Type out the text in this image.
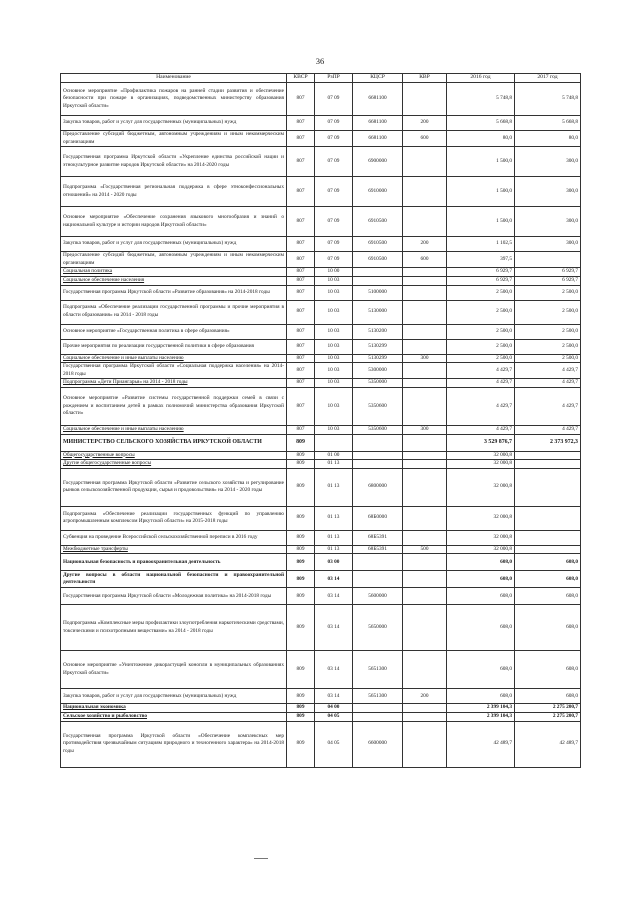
36
Наименование	КВСР	РзПР	КЦСР	КВР	2016 год	2017 год
Основное мероприятие «Профилактика пожаров на ранней стадии развития и обеспечение безопасности при пожаре в организациях, подведомственных министерству образования Иркутской области»	807	07 09	6681100		5 748,8	5 748,8
Закупка товаров, работ и услуг для государственных (муниципальных) нужд	807	07 09	6681100	200	5 668,8	5 668,8
Предоставление субсидий бюджетным, автономным учреждениям и иным некоммерческим организациям	807	07 09	6681100	600	80,0	80,0
Государственная программа Иркутской области «Укрепление единства российской нации и этнокультурное развитие народов Иркутской области» на 2014-2020 годы	807	07 09	6900000		1 500,0	300,0
Подпрограмма «Государственная региональная поддержка в сфере этноконфессиональных отношений» на 2014 - 2020 годы	807	07 09	6910000		1 500,0	300,0
Основное мероприятие «Обеспечение сохранения языкового многообразия и знаний о национальной культуре и истории народов Иркутской области»	807	07 09	6910500		1 500,0	300,0
Закупка товаров, работ и услуг для государственных (муниципальных) нужд	807	07 09	6910500	200	1 102,5	300,0
Предоставление субсидий бюджетным, автономным учреждениям и иным некоммерческим организациям	807	07 09	6910500	600	397,5	
Социальная политика	807	10 00			6 929,7	6 929,7
Социальное обеспечение населения	807	10 03			6 929,7	6 929,7
Государственная программа Иркутской области «Развитие образования» на 2014-2018 годы	807	10 03	5100000		2 500,0	2 500,0
Подпрограмма «Обеспечение реализации государственной программы и прочие мероприятия в области образования» на 2014 - 2018 годы	807	10 03	5130000		2 500,0	2 500,0
Основное мероприятие «Государственная политика в сфере образования»	807	10 03	5130200		2 500,0	2 500,0
Прочие мероприятия по реализации государственной политики в сфере образования	807	10 03	5130299		2 500,0	2 500,0
Социальное обеспечение и иные выплаты населению	807	10 03	5130299	300	2 500,0	2 500,0
Государственная программа Иркутской области «Социальная поддержка населения» на 2014-2018 годы	807	10 03	5300000		4 429,7	4 429,7
Подпрограмма «Дети Приангарья» на 2014 - 2018 годы	807	10 03	5350000		4 429,7	4 429,7
Основное мероприятие «Развитие системы государственной поддержки семей в связи с рождением и воспитанием детей в рамках полномочий министерства образования Иркутской области»	807	10 03	5350600		4 429,7	4 429,7
Социальное обеспечение и иные выплаты населению	807	10 03	5350600	300	4 429,7	4 429,7
МИНИСТЕРСТВО СЕЛЬСКОГО ХОЗЯЙСТВА ИРКУТСКОЙ ОБЛАСТИ	809				3 529 876,7	2 373 972,3
Общегосударственные вопросы	809	01 00			32 000,8	
Другие общегосударственные вопросы	809	01 13			32 000,8	
Государственная программа Иркутской области «Развитие сельского хозяйства и регулирование рынков сельскохозяйственной продукции, сырья и продовольствия» на 2014 - 2020 годы	809	01 13	6800000		32 000,8	
Подпрограмма «Обеспечение реализации государственных функций по управлению агропромышленным комплексом Иркутской области» на 2015-2018 годы	809	01 13	68Б0000		32 000,8	
Субвенция на проведение Всероссийской сельскохозяйственной переписи в 2016 году	809	01 13	68Б5391		32 000,8	
Межбюджетные трансферты	809	01 13	68Б5391	500	32 000,8	
Национальная безопасность и правоохранительная деятельность	809	03 00			608,0	608,0
Другие вопросы в области национальной безопасности и правоохранительной деятельности	809	03 14			608,0	608,0
Государственная программа Иркутской области «Молодежная политика» на 2014-2018 годы	809	03 14	5600000		608,0	608,0
Подпрограмма «Комплексные меры профилактики злоупотребления наркотическими средствами, токсическими и психотропными веществами» на 2014 - 2018 годы	809	03 14	5650000		608,0	608,0
Основное мероприятие «Уничтожение дикорастущей конопли в муниципальных образованиях Иркутской области»	809	03 14	5651300		608,0	608,0
Закупка товаров, работ и услуг для государственных (муниципальных) нужд	809	03 14	5651300	200	608,0	608,0
Национальная экономика	809	04 00			2 399 104,3	2 275 200,7
Сельское хозяйство и рыболовство	809	04 05			2 399 104,3	2 275 200,7
Государственная программа Иркутской области «Обеспечение комплексных мер противодействия чрезвычайным ситуациям природного и техногенного характера» на 2014-2018 годы	809	04 05	6600000		42 489,7	42 489,7
